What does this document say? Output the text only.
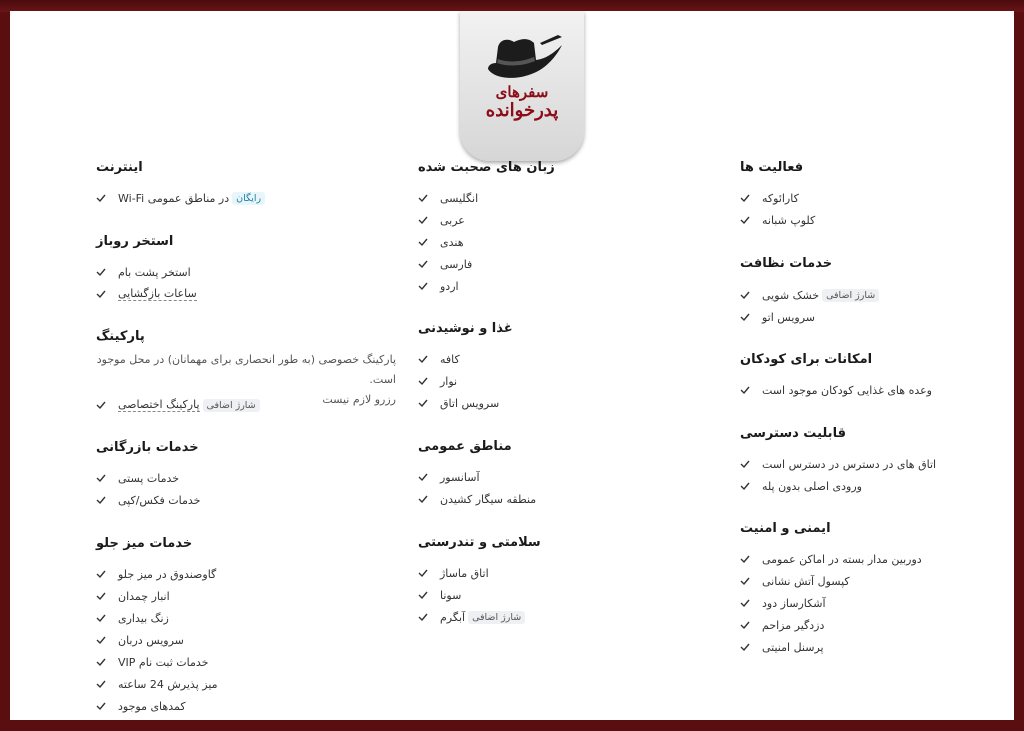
سفرهای
پدرخوانده
فعالیت ها
کارائوکه
کلوپ شبانه
خدمات نظافت
خشک شویی شارژ اضافی
سرویس اتو
امکانات برای کودکان
وعده های غذایی کودکان موجود است
قابلیت دسترسی
اتاق های در دسترس در دسترس است
ورودی اصلی بدون پله
ایمنی و امنیت
دوربین مدار بسته در اماکن عمومی
کپسول آتش نشانی
آشکارساز دود
دزدگیر مزاحم
پرسنل امنیتی
زبان های صحبت شده
انگلیسی
عربی
هندی
فارسی
اردو
غذا و نوشیدنی
کافه
نوار
سرویس اتاق
مناطق عمومی
آسانسور
منطقه سیگار کشیدن
سلامتی و تندرستی
اتاق ماساژ
سونا
آبگرم شارژ اضافی
اینترنت
در مناطق عمومی Wi-Fi رایگان
استخر روباز
استخر پشت بام
ساعات بازگشایی
پارکینگ
پارکینگ خصوصی (به طور انحصاری برای مهمانان) در محل موجود است.
رزرو لازم نیست
پارکینگ اختصاصی شارژ اضافی
خدمات بازرگانی
خدمات پستی
خدمات فکس/کپی
خدمات میز جلو
گاوصندوق در میز جلو
انبار چمدان
زنگ بیداری
سرویس دربان
VIP خدمات ثبت نام
میز پذیرش 24 ساعته
کمدهای موجود
